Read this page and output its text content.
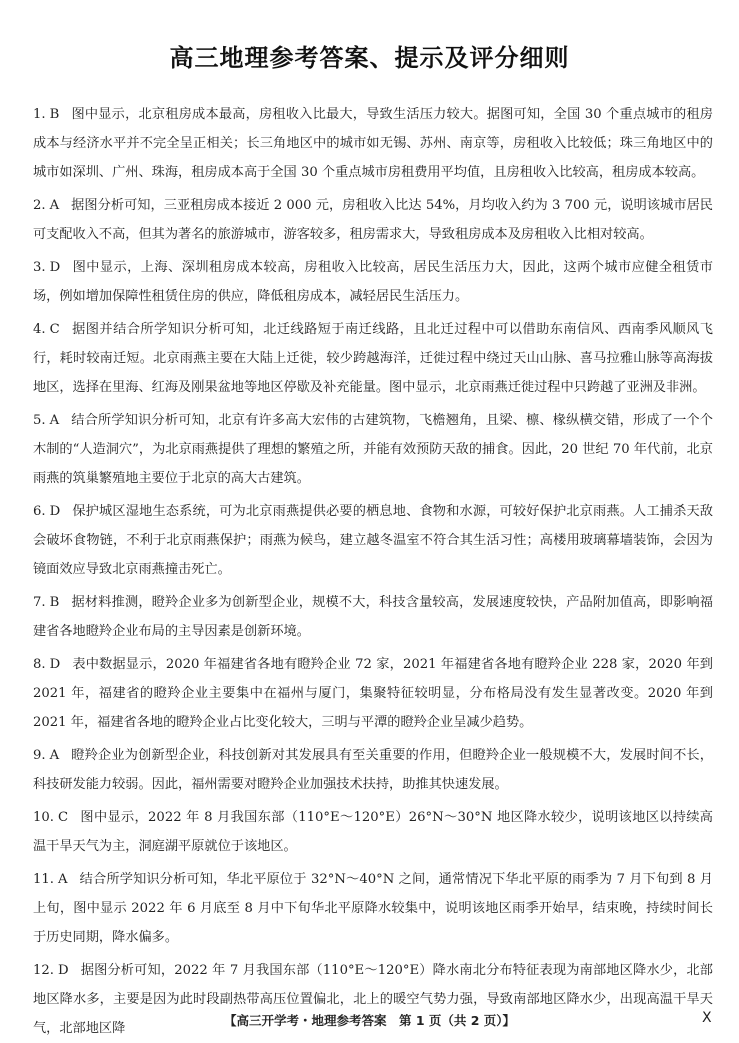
高三地理参考答案、提示及评分细则

1. B 图中显示，北京租房成本最高，房租收入比最大，导致生活压力较大。据图可知，全国 30 个重点城市的租房成本与经济水平并不完全呈正相关；长三角地区中的城市如无锡、苏州、南京等，房租收入比较低；珠三角地区中的城市如深圳、广州、珠海，租房成本高于全国 30 个重点城市房租费用平均值，且房租收入比较高，租房成本较高。

2. A 据图分析可知，三亚租房成本接近 2 000 元，房租收入比达 54%，月均收入约为 3 700 元，说明该城市居民可支配收入不高，但其为著名的旅游城市，游客较多，租房需求大，导致租房成本及房租收入比相对较高。

3. D 图中显示，上海、深圳租房成本较高，房租收入比较高，居民生活压力大，因此，这两个城市应健全租赁市场，例如增加保障性租赁住房的供应，降低租房成本，减轻居民生活压力。

4. C 据图并结合所学知识分析可知，北迁线路短于南迁线路，且北迁过程中可以借助东南信风、西南季风顺风飞行，耗时较南迁短。北京雨燕主要在大陆上迁徙，较少跨越海洋，迁徙过程中绕过天山山脉、喜马拉雅山脉等高海拔地区，选择在里海、红海及刚果盆地等地区停歇及补充能量。图中显示，北京雨燕迁徙过程中只跨越了亚洲及非洲。

5. A 结合所学知识分析可知，北京有许多高大宏伟的古建筑物，飞檐翘角，且梁、檩、椽纵横交错，形成了一个个木制的“人造洞穴”，为北京雨燕提供了理想的繁殖之所，并能有效预防天敌的捕食。因此，20 世纪 70 年代前，北京雨燕的筑巢繁殖地主要位于北京的高大古建筑。

6. D 保护城区湿地生态系统，可为北京雨燕提供必要的栖息地、食物和水源，可较好保护北京雨燕。人工捕杀天敌会破坏食物链，不利于北京雨燕保护；雨燕为候鸟，建立越冬温室不符合其生活习性；高楼用玻璃幕墙装饰，会因为镜面效应导致北京雨燕撞击死亡。

7. B 据材料推测，瞪羚企业多为创新型企业，规模不大，科技含量较高，发展速度较快，产品附加值高，即影响福建省各地瞪羚企业布局的主导因素是创新环境。

8. D 表中数据显示，2020 年福建省各地有瞪羚企业 72 家，2021 年福建省各地有瞪羚企业 228 家，2020 年到 2021 年，福建省的瞪羚企业主要集中在福州与厦门，集聚特征较明显，分布格局没有发生显著改变。2020 年到 2021 年，福建省各地的瞪羚企业占比变化较大，三明与平潭的瞪羚企业呈减少趋势。

9. A 瞪羚企业为创新型企业，科技创新对其发展具有至关重要的作用，但瞪羚企业一般规模不大，发展时间不长，科技研发能力较弱。因此，福州需要对瞪羚企业加强技术扶持，助推其快速发展。

10. C 图中显示，2022 年 8 月我国东部（110°E～120°E）26°N～30°N 地区降水较少，说明该地区以持续高温干旱天气为主，洞庭湖平原就位于该地区。

11. A 结合所学知识分析可知，华北平原位于 32°N～40°N 之间，通常情况下华北平原的雨季为 7 月下旬到 8 月上旬，图中显示 2022 年 6 月底至 8 月中下旬华北平原降水较集中，说明该地区雨季开始早，结束晚，持续时间长于历史同期，降水偏多。

12. D 据图分析可知，2022 年 7 月我国东部（110°E～120°E）降水南北分布特征表现为南部地区降水少，北部地区降水多，主要是因为此时段副热带高压位置偏北，北上的暖空气势力强，导致南部地区降水少，出现高温干旱天气，北部地区降

【高三开学考・地理参考答案　第 1 页（共 2 页）】	X
